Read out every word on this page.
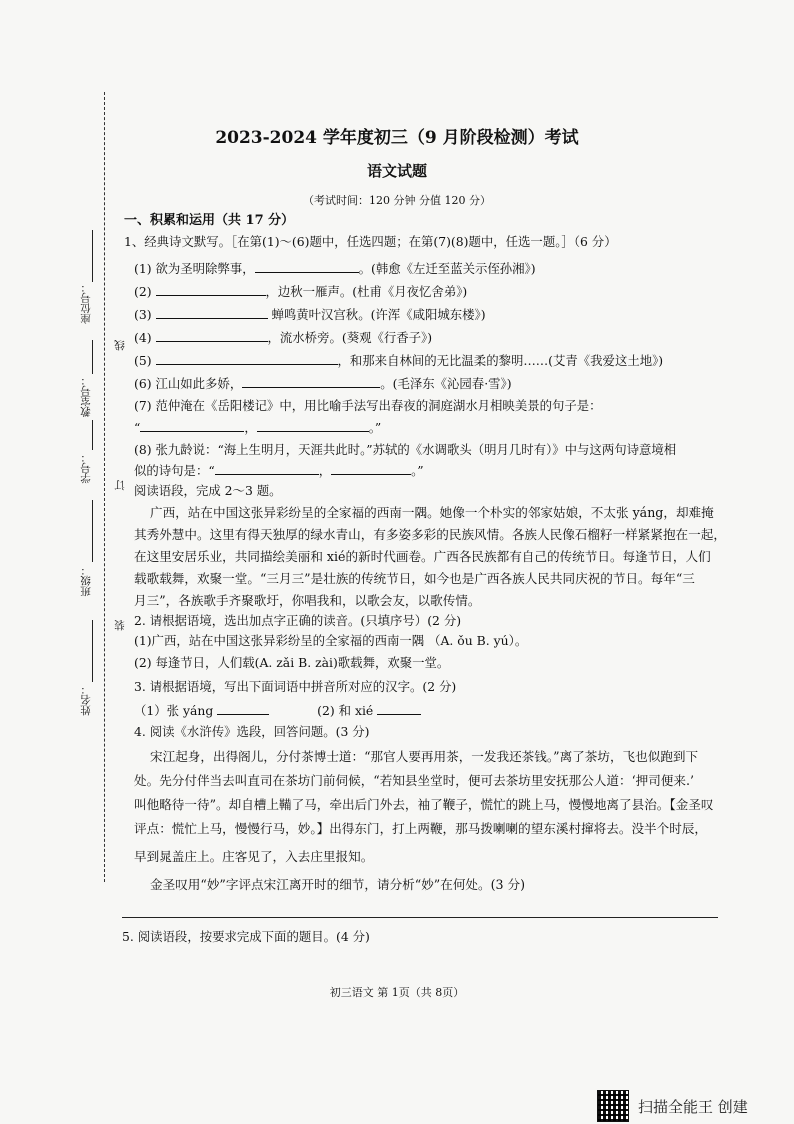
座位号：
教室号：
学号：
班级：
姓名：
线
订
装
2023-2024 学年度初三（9 月阶段检测）考试
语文试题
（考试时间：120 分钟 分值 120 分）
一、积累和运用（共 17 分）
1、经典诗文默写。［在第(1)～(6)题中，任选四题；在第(7)(8)题中，任选一题。］（6 分）
(1) 欲为圣明除弊事，	。(韩愈《左迁至蓝关示侄孙湘》)
(2)	，边秋一雁声。(杜甫《月夜忆舍弟》)
(3)	蝉鸣黄叶汉宫秋。(许浑《咸阳城东楼》)
(4)	，流水桥旁。(葵观《行香子》)
(5)	，和那来自林间的无比温柔的黎明……(艾青《我爱这土地》)
(6) 江山如此多娇，	。(毛泽东《沁园春·雪》)
(7) 范仲淹在《岳阳楼记》中，用比喻手法写出春夜的洞庭湖水月相映美景的句子是：
“	，	。”
(8) 张九龄说：“海上生明月，天涯共此时。”苏轼的《水调歌头（明月几时有）》中与这两句诗意境相
似的诗句是：“	，	。”
阅读语段，完成 2～3 题。
广西，站在中国这张异彩纷呈的全家福的西南一隅。她像一个朴实的邻家姑娘，不太张 yáng，却难掩
其秀外慧中。这里有得天独厚的绿水青山，有多姿多彩的民族风情。各族人民像石榴籽一样紧紧抱在一起，
在这里安居乐业，共同描绘美丽和 xié的新时代画卷。广西各民族都有自己的传统节日。每逢节日，人们
载歌载舞，欢聚一堂。“三月三”是壮族的传统节日，如今也是广西各族人民共同庆祝的节日。每年“三
月三”，各族歌手齐聚歌圩，你唱我和，以歌会友，以歌传情。
2. 请根据语境，选出加点字正确的读音。(只填序号）(2 分)
(1)广西，站在中国这张异彩纷呈的全家福的西南一隅 （A. ǒu B. yú）。
(2) 每逢节日，人们载(A. zǎi B. zài)歌载舞，欢聚一堂。
3. 请根据语境，写出下面词语中拼音所对应的汉字。(2 分)
（1）张 yáng	(2) 和 xié
4. 阅读《水浒传》选段，回答问题。(3 分)
宋江起身，出得阁儿，分付茶博士道：“那官人要再用茶，一发我还茶钱。”离了茶坊，飞也似跑到下
处。先分付伴当去叫直司在茶坊门前伺候，“若知县坐堂时，便可去茶坊里安抚那公人道：‘押司便来.’
叫他略待一待”。却自槽上鞴了马，牵出后门外去，袖了鞭子，慌忙的跳上马，慢慢地离了县治。【金圣叹
评点：慌忙上马，慢慢行马，妙。】出得东门，打上两鞭，那马拨喇喇的望东溪村撺将去。没半个时辰，
早到晁盖庄上。庄客见了，入去庄里报知。
金圣叹用“妙”字评点宋江离开时的细节，请分析“妙”在何处。(3 分)
5. 阅读语段，按要求完成下面的题目。(4 分)
初三语文 第 1页（共 8页）
扫描全能王 创建
